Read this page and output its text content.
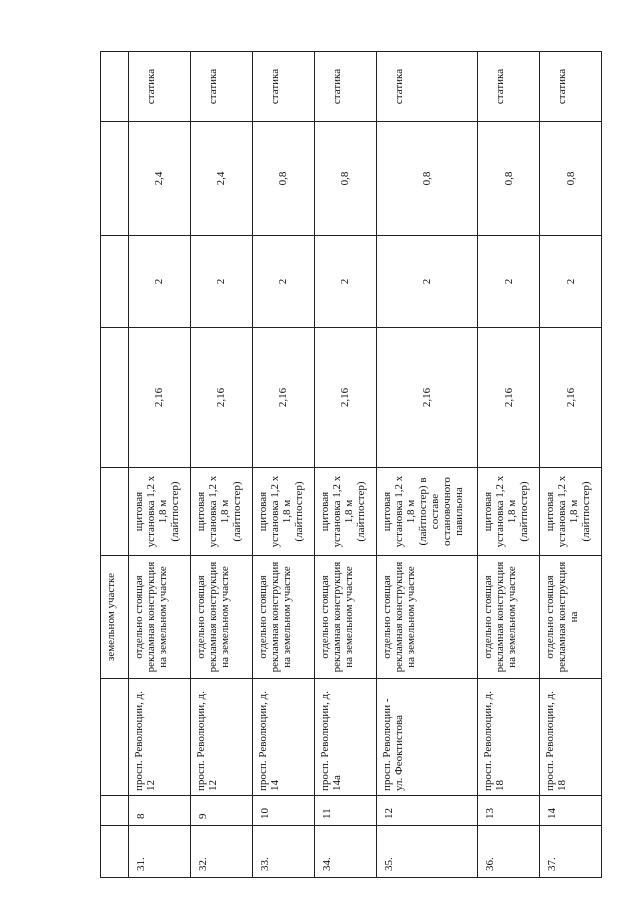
			земельном участке					
31.	8	просп. Революции, д. 12	отдельно стоящая рекламная конструкция на земельном участке	щитовая установка 1,2 х 1,8 м (лайтпостер)	2,16	2	2,4	статика
32.	9	просп. Революции, д. 12	отдельно стоящая рекламная конструкция на земельном участке	щитовая установка 1,2 х 1,8 м (лайтпостер)	2,16	2	2,4	статика
33.	10	просп. Революции, д. 14	отдельно стоящая рекламная конструкция на земельном участке	щитовая установка 1,2 х 1,8 м (лайтпостер)	2,16	2	0,8	статика
34.	11	просп. Революции, д. 14а	отдельно стоящая рекламная конструкция на земельном участке	щитовая установка 1,2 х 1,8 м (лайтпостер)	2,16	2	0,8	статика
35.	12	просп. Революции - ул. Феоктистова	отдельно стоящая рекламная конструкция на земельном участке	щитовая установка 1,2 х 1,8 м (лайтпостер) в составе остановочного павильона	2,16	2	0,8	статика
36.	13	просп. Революции, д. 18	отдельно стоящая рекламная конструкция на земельном участке	щитовая установка 1,2 х 1,8 м (лайтпостер)	2,16	2	0,8	статика
37.	14	просп. Революции, д. 18	отдельно стоящая рекламная конструкция на	щитовая установка 1,2 х 1,8 м (лайтпостер)	2,16	2	0,8	статика
